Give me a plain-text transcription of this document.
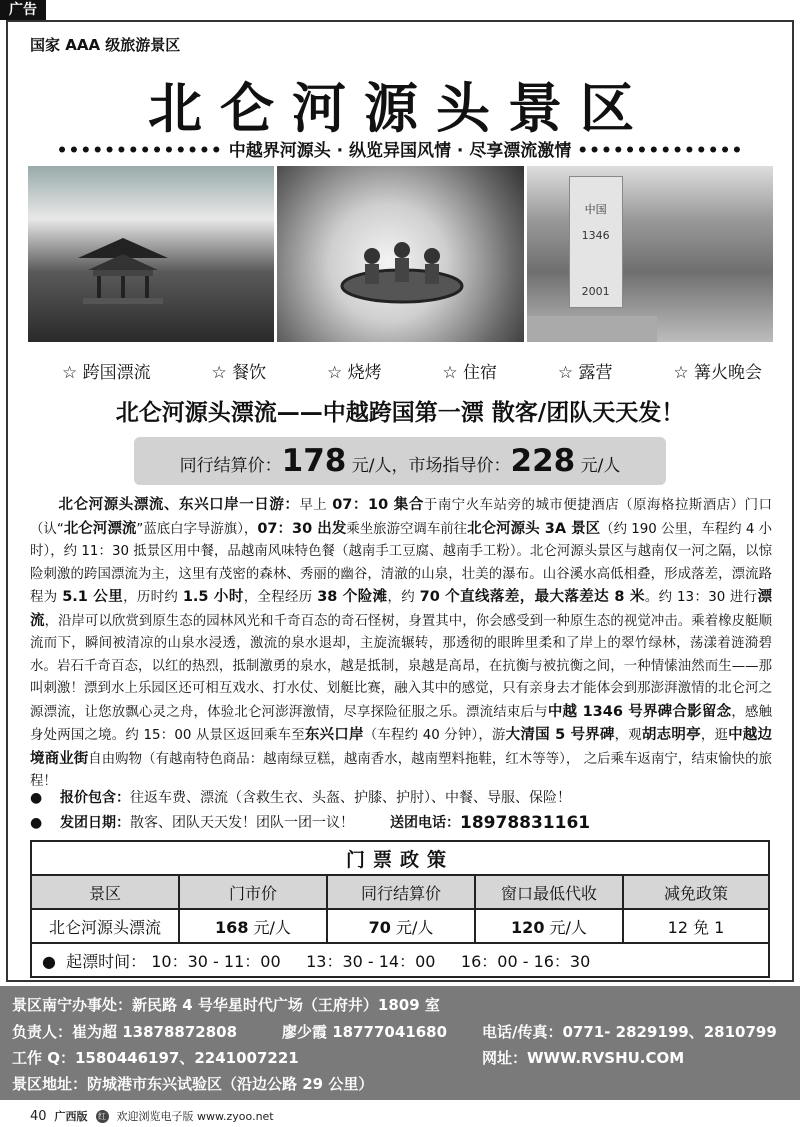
广告
国家 AAA 级旅游景区
北仑河源头景区
•••••••••••••• 中越界河源头 · 纵览异国风情 · 尽享漂流激情 ••••••••••••••
中国
1346
2001
☆ 跨国漂流	☆ 餐饮	☆ 烧烤	☆ 住宿	☆ 露营	☆ 篝火晚会
北仑河源头漂流——中越跨国第一漂 散客/团队天天发！
同行结算价：178 元/人，市场指导价：228 元/人
北仑河源头漂流、东兴口岸一日游：早上 07：10 集合于南宁火车站旁的城市便捷酒店（原海格拉斯酒店）门口（认“北仑河漂流”蓝底白字导游旗），07：30 出发乘坐旅游空调车前往北仑河源头 3A 景区（约 190 公里，车程约 4 小时），约 11：30 抵景区用中餐，品越南风味特色餐（越南手工豆腐、越南手工粉）。北仑河源头景区与越南仅一河之隔，以惊险刺激的跨国漂流为主，这里有茂密的森林、秀丽的幽谷，清澈的山泉，壮美的瀑布。山谷溪水高低相叠，形成落差，漂流路程为 5.1 公里，历时约 1.5 小时，全程经历 38 个险滩，约 70 个直线落差，最大落差达 8 米。约 13：30 进行漂流，沿岸可以欣赏到原生态的园林风光和千奇百态的奇石怪树，身置其中，你会感受到一种原生态的视觉冲击。乘着橡皮艇顺流而下，瞬间被清凉的山泉水浸透，激流的泉水退却，主旋流辗转，那透彻的眼眸里柔和了岸上的翠竹绿林，荡漾着涟漪碧水。岩石千奇百态，以红的热烈，抵制激勇的泉水，越是抵制，泉越是高昂，在抗衡与被抗衡之间，一种情愫油然而生——那叫刺激！漂到水上乐园区还可相互戏水、打水仗、划艇比赛，融入其中的感觉，只有亲身去才能体会到那澎湃激情的北仑河之源漂流，让您放飘心灵之舟，体验北仑河澎湃激情，尽享探险征服之乐。漂流结束后与中越 1346 号界碑合影留念，感触身处两国之境。约 15：00 从景区返回乘车至东兴口岸（车程约 40 分钟），游大清国 5 号界碑，观胡志明亭，逛中越边境商业街自由购物（有越南特色商品：越南绿豆糕，越南香水，越南塑料拖鞋，红木等等）， 之后乘车返南宁，结束愉快的旅程！
●	报价包含： 往返车费、漂流（含救生衣、头盔、护膝、护肘）、中餐、导服、保险！
●	发团日期： 散客、团队天天发！团队一团一议！	送团电话： 18978831161
门票政策				
景区	门市价	同行结算价	窗口最低代收	减免政策
北仑河源头漂流	168 元/人	70 元/人	120 元/人	12 免 1
● 起漂时间： 10：30 - 11：00 13：30 - 14：00 16：00 - 16：30				
景区南宁办事处：新民路 4 号华星时代广场（王府井）1809 室
负责人：崔为超 13878872808	廖少霞 18777041680 电话/传真：0771- 2829199、2810799
工作 Q：1580446197、2241007221	网址：WWW.RVSHU.COM
景区地址：防城港市东兴试验区（沿边公路 29 公里）
40 广西版	红 欢迎浏览电子版 www.zyoo.net
